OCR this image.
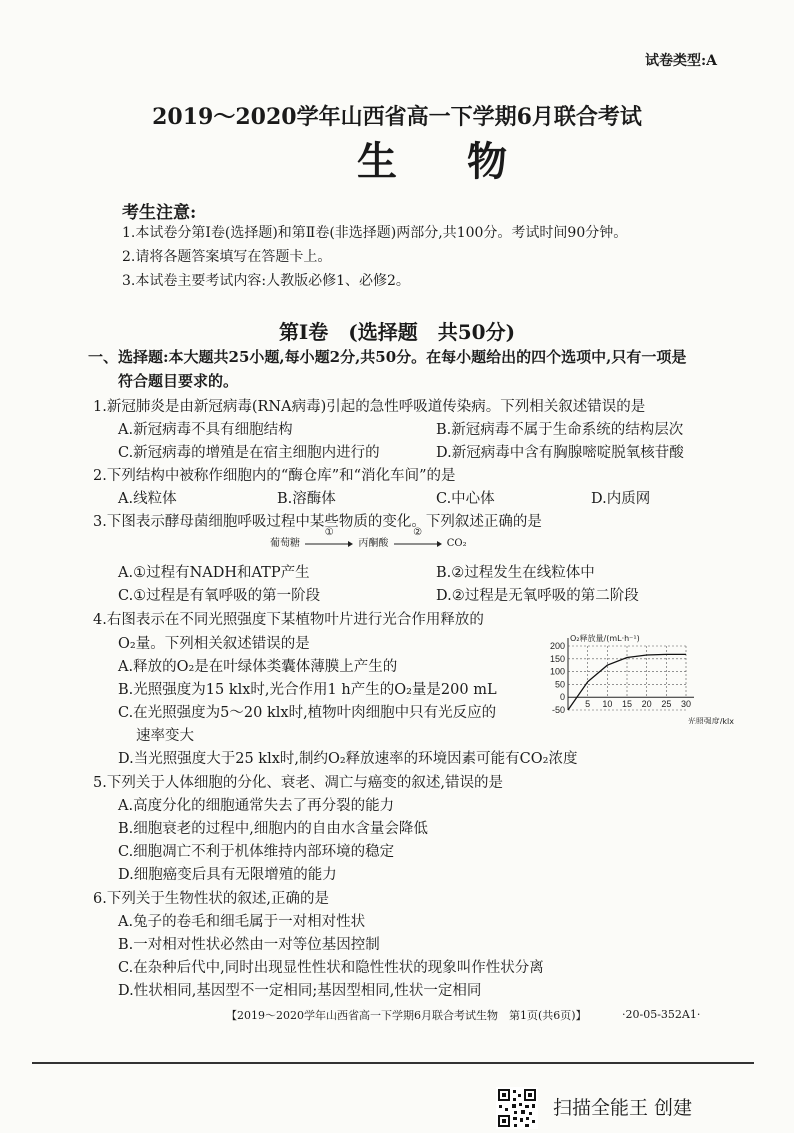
试卷类型:A
2019～2020学年山西省高一下学期6月联合考试
生物
考生注意:
1.本试卷分第Ⅰ卷(选择题)和第Ⅱ卷(非选择题)两部分,共100分。考试时间90分钟。
2.请将各题答案填写在答题卡上。
3.本试卷主要考试内容:人教版必修1、必修2。
第Ⅰ卷　(选择题　共50分)
一、选择题:本大题共25小题,每小题2分,共50分。在每小题给出的四个选项中,只有一项是
符合题目要求的。
1.新冠肺炎是由新冠病毒(RNA病毒)引起的急性呼吸道传染病。下列相关叙述错误的是
A.新冠病毒不具有细胞结构	B.新冠病毒不属于生命系统的结构层次
C.新冠病毒的增殖是在宿主细胞内进行的	D.新冠病毒中含有胸腺嘧啶脱氧核苷酸
2.下列结构中被称作细胞内的“酶仓库”和“消化车间”的是
A.线粒体	B.溶酶体	C.中心体	D.内质网
3.下图表示酵母菌细胞呼吸过程中某些物质的变化。下列叙述正确的是
葡萄糖
①
丙酮酸
②
CO₂
A.①过程有NADH和ATP产生	B.②过程发生在线粒体中
C.①过程是有氧呼吸的第一阶段	D.②过程是无氧呼吸的第二阶段
4.右图表示在不同光照强度下某植物叶片进行光合作用释放的
O₂量。下列相关叙述错误的是
A.释放的O₂是在叶绿体类囊体薄膜上产生的
B.光照强度为15 klx时,光合作用1 h产生的O₂量是200 mL
C.在光照强度为5～20 klx时,植物叶肉细胞中只有光反应的
速率变大
D.当光照强度大于25 klx时,制约O₂释放速率的环境因素可能有CO₂浓度
200
150
100
50
0
-50
5 10 15 20 25 30
O₂释放量/(mL·h⁻¹)
光照强度/klx
5.下列关于人体细胞的分化、衰老、凋亡与癌变的叙述,错误的是
A.高度分化的细胞通常失去了再分裂的能力
B.细胞衰老的过程中,细胞内的自由水含量会降低
C.细胞凋亡不利于机体维持内部环境的稳定
D.细胞癌变后具有无限增殖的能力
6.下列关于生物性状的叙述,正确的是
A.兔子的卷毛和细毛属于一对相对性状
B.一对相对性状必然由一对等位基因控制
C.在杂种后代中,同时出现显性性状和隐性性状的现象叫作性状分离
D.性状相同,基因型不一定相同;基因型相同,性状一定相同
【2019～2020学年山西省高一下学期6月联合考试生物　第1页(共6页)】	·20-05-352A1·
扫描全能王 创建
